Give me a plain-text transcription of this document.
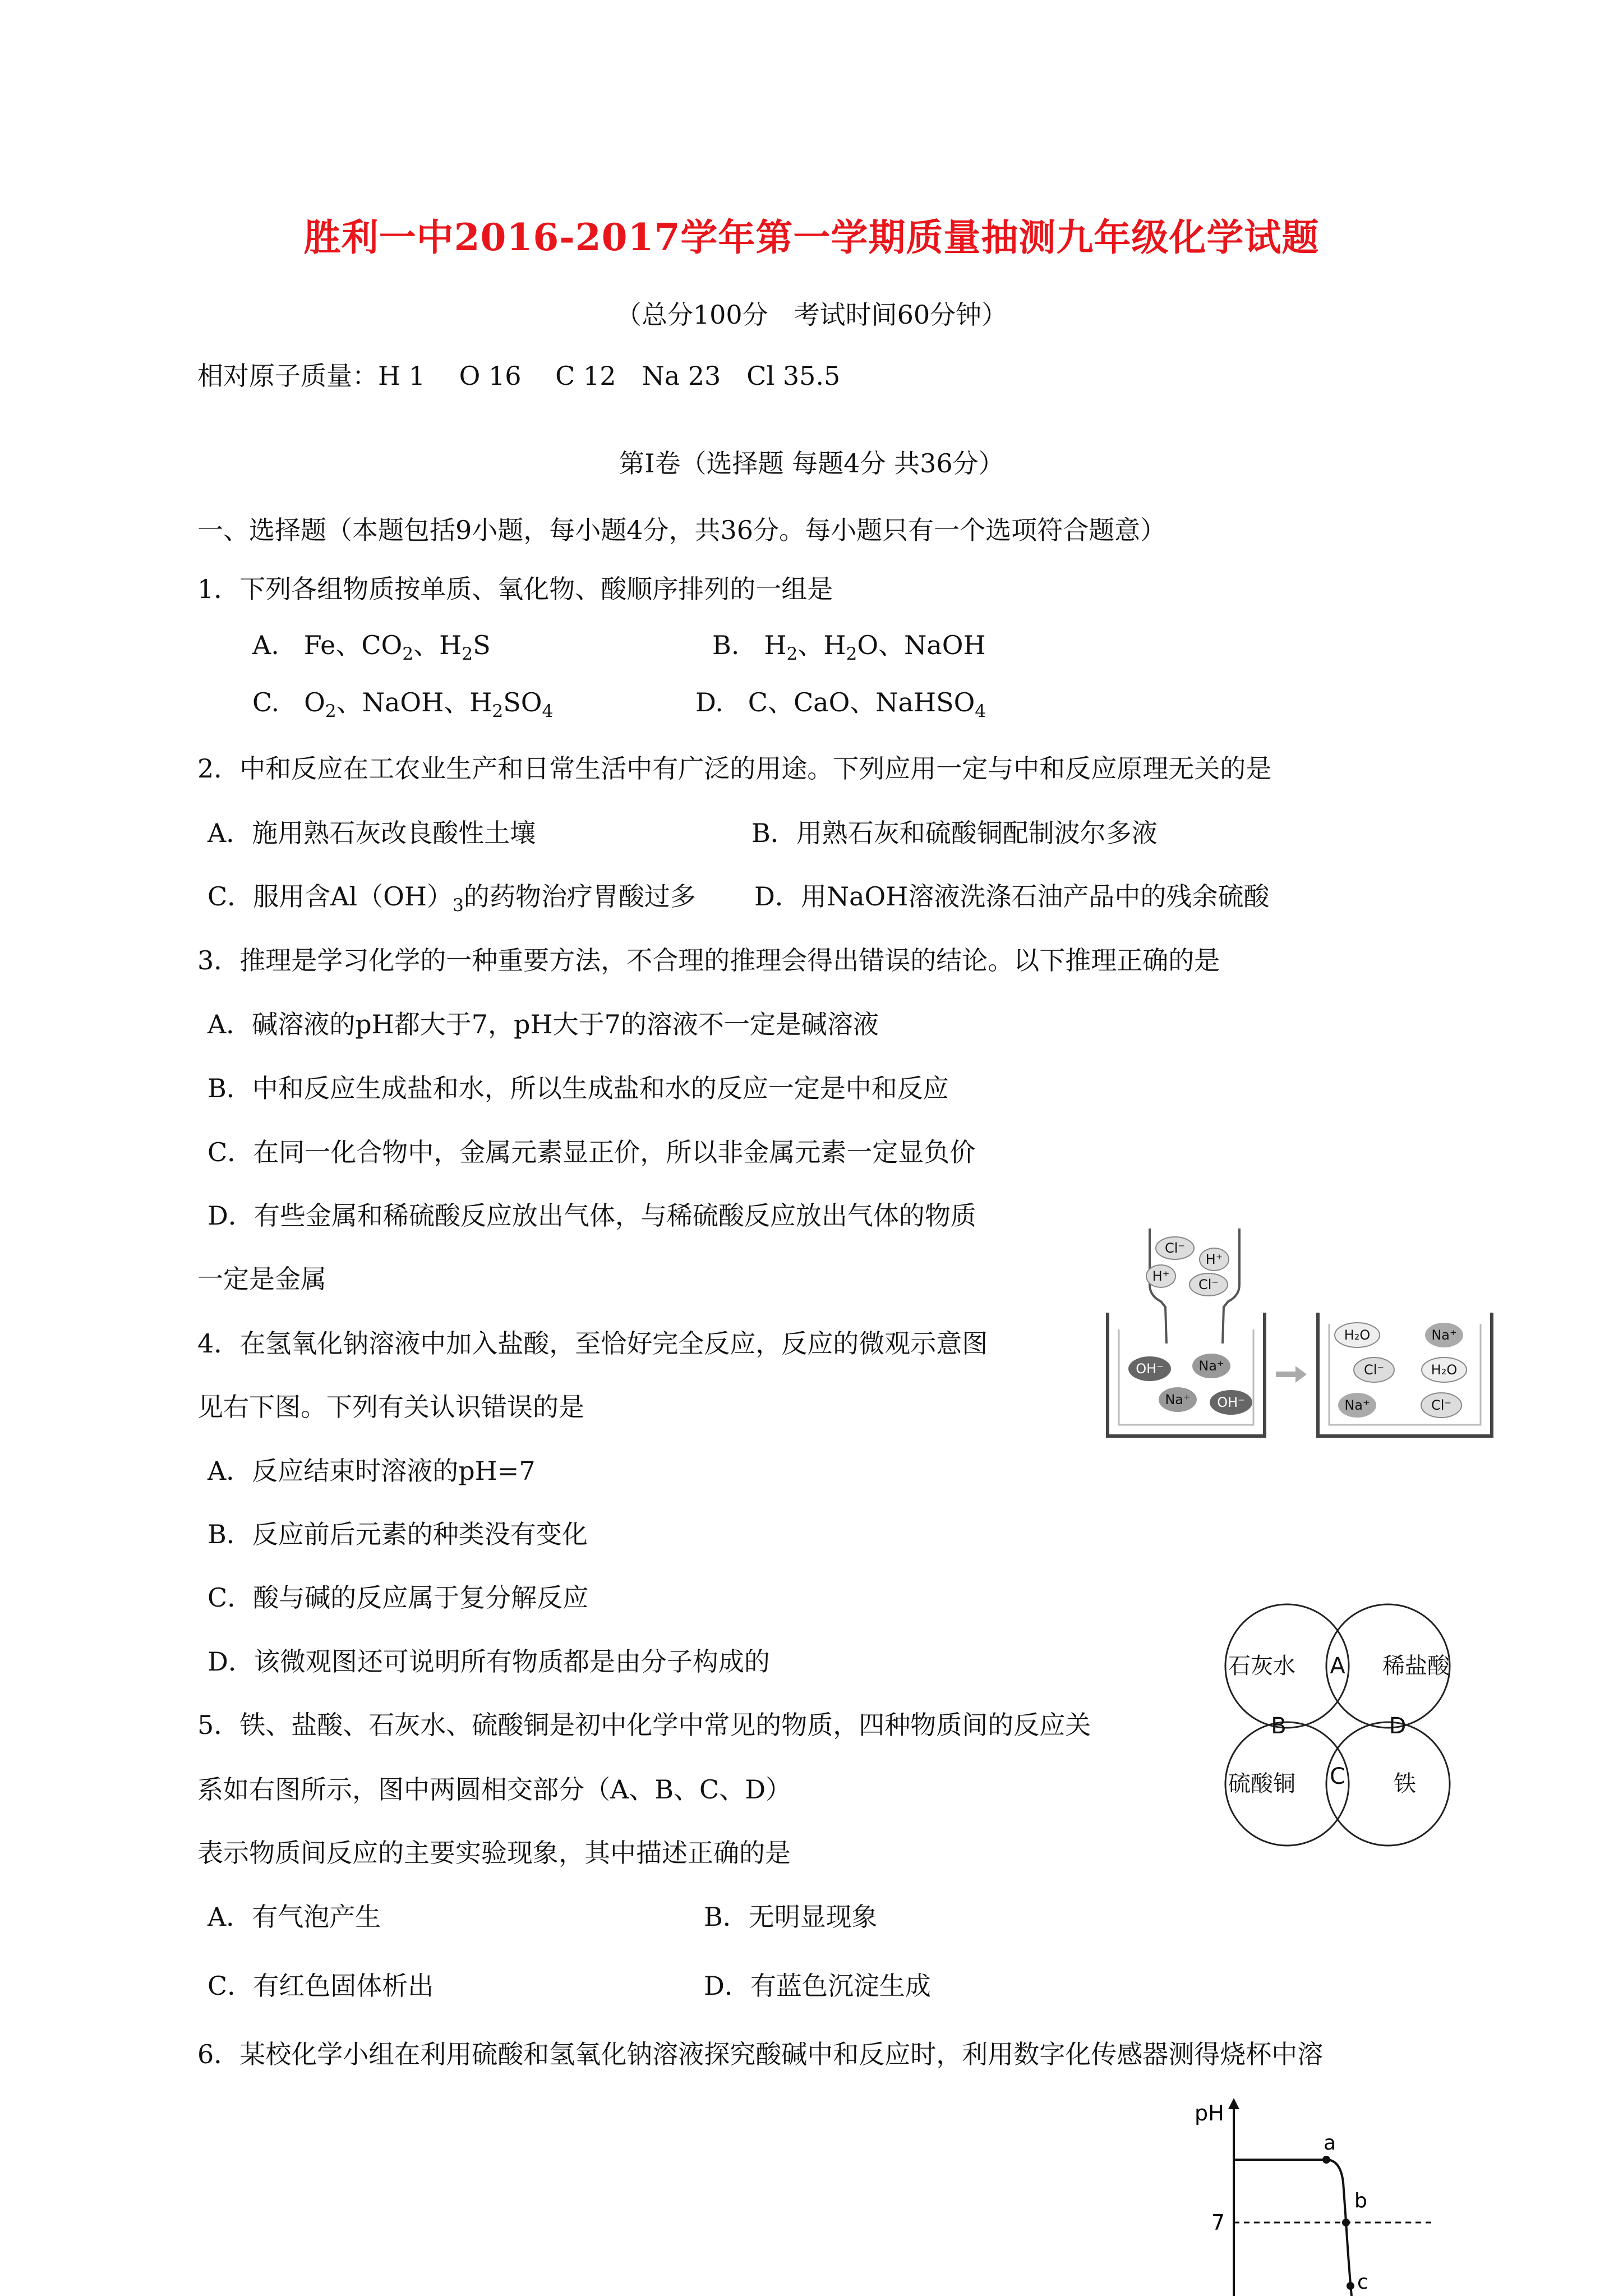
胜利一中2016-2017学年第一学期质量抽测九年级化学试题
（总分100分　考试时间60分钟）
相对原子质量：H 1　 O 16　 C 12　Na 23　Cl 35.5
第Ⅰ卷（选择题 每题4分 共36分）
一、选择题（本题包括9小题，每小题4分，共36分。每小题只有一个选项符合题意）
1．下列各组物质按单质、氧化物、酸顺序排列的一组是
A. Fe、$CO_2$、$H_2S$	B. $H_2$、$H_2O$、NaOH
C. $O_2$、NaOH、$H_2SO_4$	D. C、CaO、NaHSO$_4$
2．中和反应在工农业生产和日常生活中有广泛的用途。下列应用一定与中和反应原理无关的是
A．施用熟石灰改良酸性土壤	B．用熟石灰和硫酸铜配制波尔多液
C．服用含$Al(OH)_3$的药物治疗胃酸过多 D．用NaOH溶液洗涤石油产品中的残余硫酸
3．推理是学习化学的一种重要方法，不合理的推理会得出错误的结论。以下推理正确的是
A．碱溶液的pH都大于7，pH大于7的溶液不一定是碱溶液
B．中和反应生成盐和水，所以生成盐和水的反应一定是中和反应
C．在同一化合物中，金属元素显正价，所以非金属元素一定显负价
D．有些金属和稀硫酸反应放出气体，与稀硫酸反应放出气体的物质
一定是金属
4．在氢氧化钠溶液中加入盐酸，至恰好完全反应，反应的微观示意图
见右下图。下列有关认识错误的是
A．反应结束时溶液的pH=7
B．反应前后元素的种类没有变化
C．酸与碱的反应属于复分解反应
D．该微观图还可说明所有物质都是由分子构成的
Cl⁻
H⁺
H⁺
Cl⁻
OH⁻	Na⁺
Na⁺ OH⁻
H₂O	Na⁺
Cl⁻	H₂O
Na⁺	Cl⁻
5．铁、盐酸、石灰水、硫酸铜是初中化学中常见的物质，四种物质间的反应关
系如右图所示，图中两圆相交部分（A、B、C、D）
表示物质间反应的主要实验现象，其中描述正确的是
A．有气泡产生	B．无明显现象
C．有红色固体析出	D．有蓝色沉淀生成
石灰水	稀盐酸
硫酸铜	铁
A
B
C
D
6．某校化学小组在利用硫酸和氢氧化钠溶液探究酸碱中和反应时，利用数字化传感器测得烧杯中溶
pH
7
a
b
c
